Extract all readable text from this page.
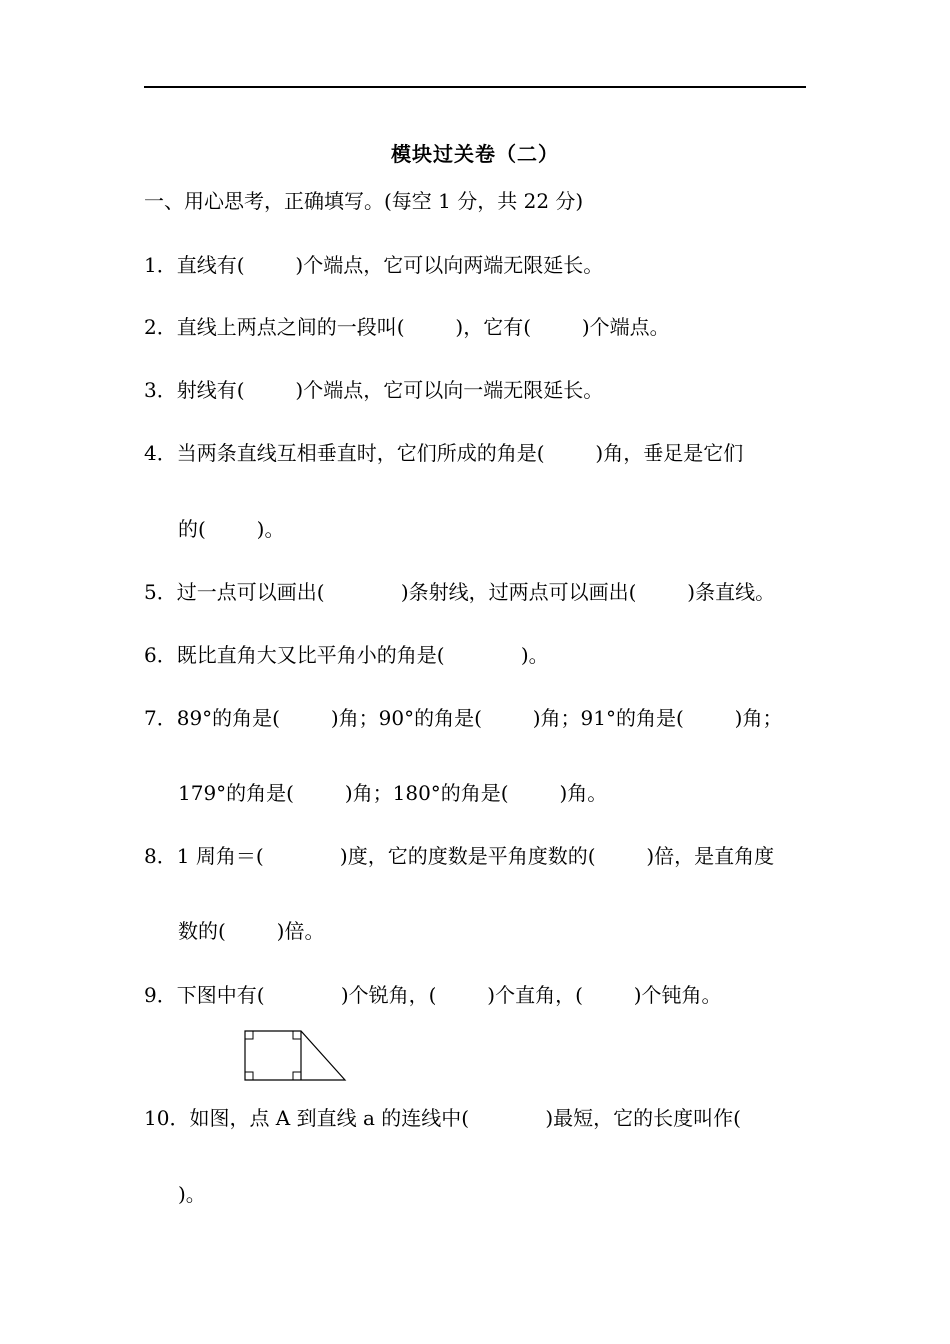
模块过关卷（二）
一、用心思考，正确填写。(每空 1 分，共 22 分)
1．直线有(        )个端点，它可以向两端无限延长。
2．直线上两点之间的一段叫(        )，它有(        )个端点。
3．射线有(        )个端点，它可以向一端无限延长。
4．当两条直线互相垂直时，它们所成的角是(        )角，垂足是它们
的(        )。
5．过一点可以画出(            )条射线，过两点可以画出(        )条直线。
6．既比直角大又比平角小的角是(            )。
7．89°的角是(        )角；90°的角是(        )角；91°的角是(        )角；
179°的角是(        )角；180°的角是(        )角。
8．1 周角＝(            )度，它的度数是平角度数的(        )倍，是直角度
数的(        )倍。
9．下图中有(            )个锐角，(        )个直角，(        )个钝角。
10．如图，点 A 到直线 a 的连线中(            )最短，它的长度叫作(
)。
